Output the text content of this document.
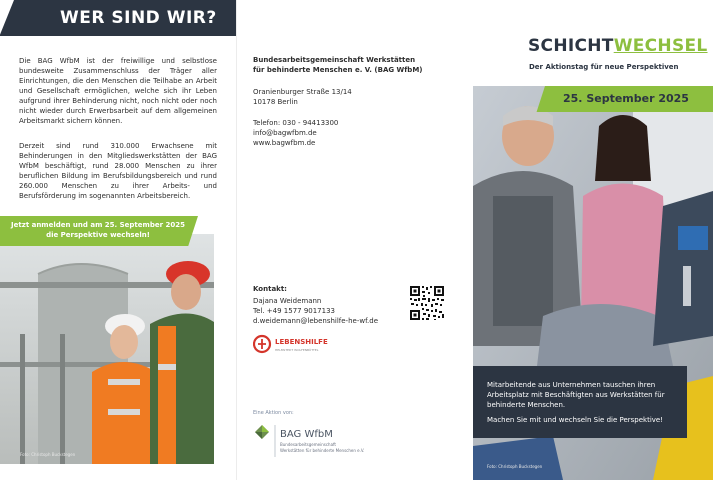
WER SIND WIR?

Die BAG WfbM ist der freiwillige und selbstlose bundesweite Zusammenschluss der Träger aller Einrichtungen, die den Menschen die Teilhabe an Arbeit und Gesellschaft ermöglichen, welche sich ihr Leben aufgrund ihrer Behinderung nicht, noch nicht oder noch nicht wieder durch Erwerbsarbeit auf dem allgemeinen Arbeitsmarkt sichern können.

Derzeit sind rund 310.000 Erwachsene mit Behinderungen in den Mitgliedswerkstätten der BAG WfbM beschäftigt, rund 28.000 Menschen zu ihrer beruflichen Bildung im Berufsbildungsbereich und rund 260.000 Menschen zu ihrer Arbeits- und Berufsförderung im sogenannten Arbeitsbereich.

Foto: Christoph Buckstegen
Jetzt anmelden und am 25. September 2025
die Perspektive wechseln!
Bundesarbeitsgemeinschaft Werkstätten
für behinderte Menschen e. V. (BAG WfbM)
Oranienburger Straße 13/14
10178 Berlin
Telefon: 030 - 94413300
info@bagwfbm.de
www.bagwfbm.de
Kontakt:
Dajana Weidemann
Tel. +49 1577 9017133
d.weidemann@lebenshilfe-he-wf.de
LEBENSHILFE
HELMSTEDT WOLFENBÜTTEL
Eine Aktion von:
BAG WfbM
Bundesarbeitsgemeinschaft
Werkstätten für behinderte Menschen e.V.
SCHICHTWECHSEL
Der Aktionstag für neue Perspektiven
25. September 2025
Mitarbeitende aus Unternehmen tauschen ihren Arbeitsplatz mit Beschäftigten aus Werkstätten für behinderte Menschen.
Machen Sie mit und wechseln Sie die Perspektive!
Foto: Christoph Buckstegen
